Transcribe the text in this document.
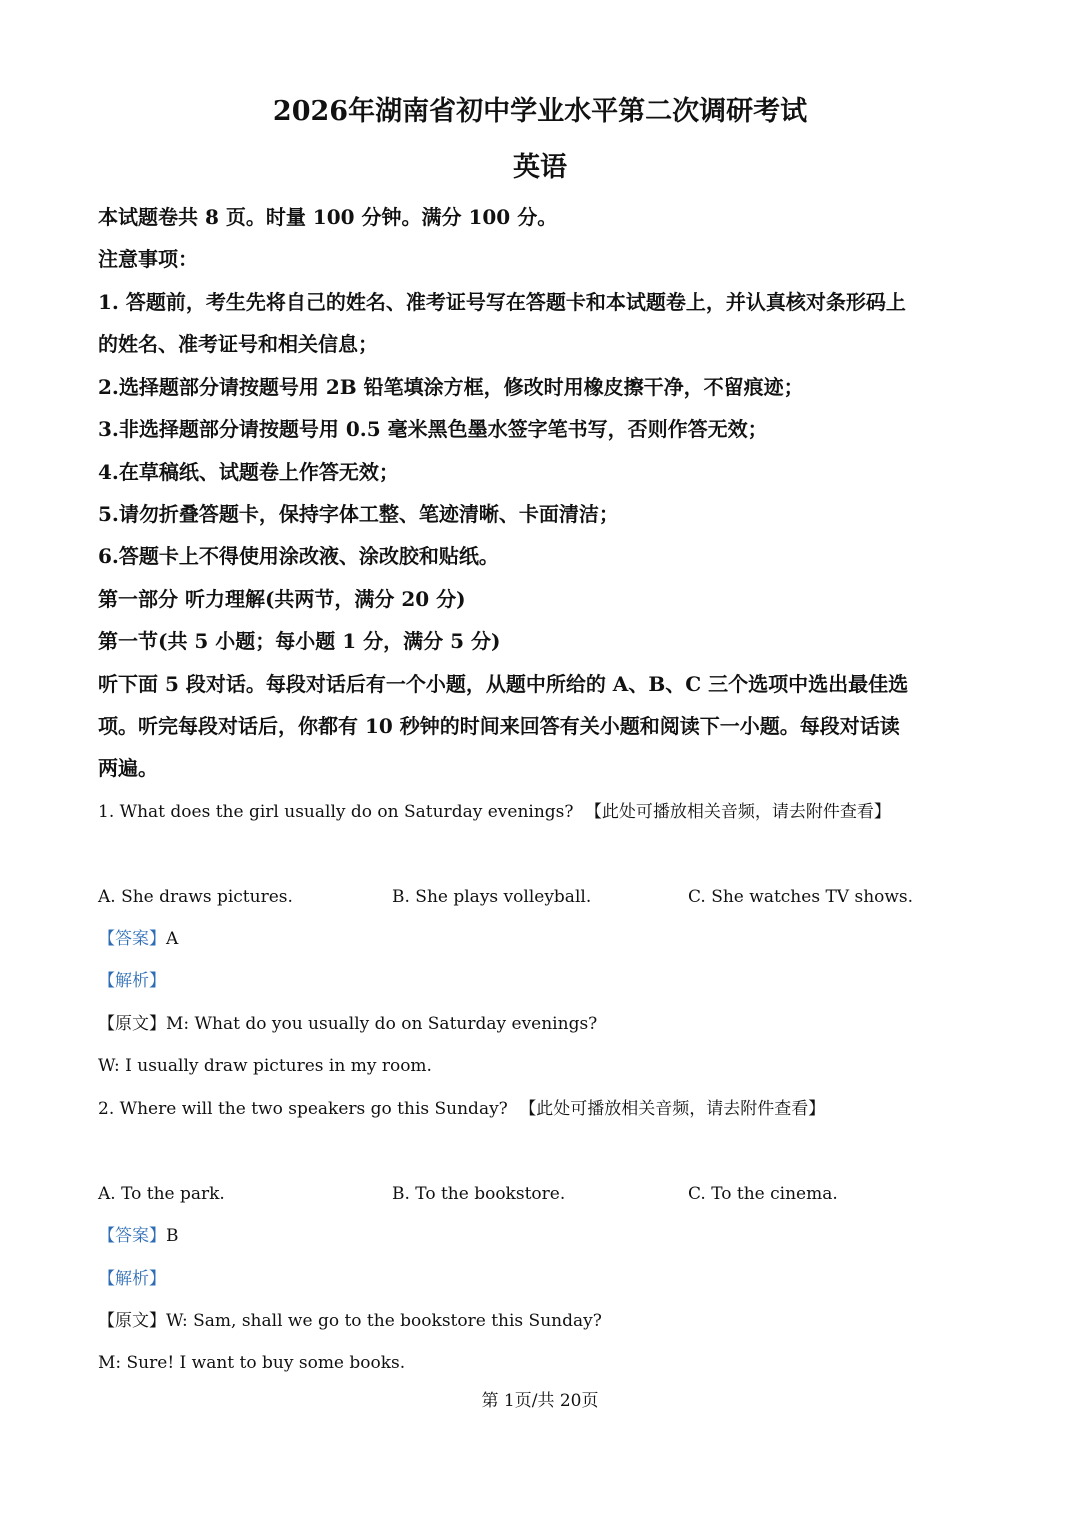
2026年湖南省初中学业水平第二次调研考试
英语
本试题卷共 8 页。时量 100 分钟。满分 100 分。
注意事项：
1. 答题前，考生先将自己的姓名、准考证号写在答题卡和本试题卷上，并认真核对条形码上
的姓名、准考证号和相关信息；
2.选择题部分请按题号用 2B 铅笔填涂方框，修改时用橡皮擦干净，不留痕迹；
3.非选择题部分请按题号用 0.5 毫米黑色墨水签字笔书写，否则作答无效；
4.在草稿纸、试题卷上作答无效；
5.请勿折叠答题卡，保持字体工整、笔迹清晰、卡面清洁；
6.答题卡上不得使用涂改液、涂改胶和贴纸。
第一部分 听力理解(共两节，满分 20 分)
第一节(共 5 小题；每小题 1 分，满分 5 分)
听下面 5 段对话。每段对话后有一个小题，从题中所给的 A、B、C 三个选项中选出最佳选
项。听完每段对话后，你都有 10 秒钟的时间来回答有关小题和阅读下一小题。每段对话读
两遍。
1. What does the girl usually do on Saturday evenings? 【此处可播放相关音频，请去附件查看】
A. She draws pictures.	B. She plays volleyball.	C. She watches TV shows.
【答案】A
【解析】
【原文】M: What do you usually do on Saturday evenings?
W: I usually draw pictures in my room.
2. Where will the two speakers go this Sunday? 【此处可播放相关音频，请去附件查看】
A. To the park.	B. To the bookstore.	C. To the cinema.
【答案】B
【解析】
【原文】W: Sam, shall we go to the bookstore this Sunday?
M: Sure! I want to buy some books.
第 1页/共 20页
